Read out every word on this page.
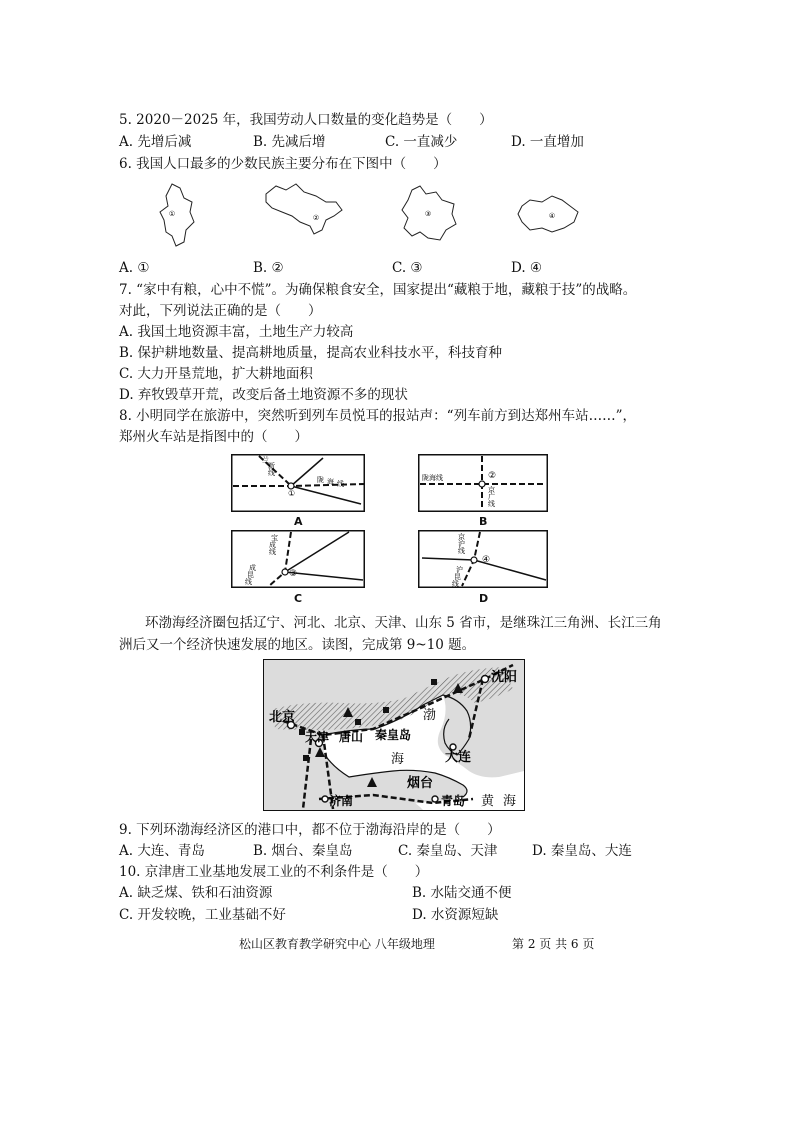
5. 2020－2025 年，我国劳动人口数量的变化趋势是（　　）
A. 先增后减	B. 先减后增	C. 一直减少	D. 一直增加
6. 我国人口最多的少数民族主要分布在下图中（　　）
①	②	③	④
A. ①	B. ②	C. ③	D. ④
7. “家中有粮，心中不慌”。为确保粮食安全，国家提出“藏粮于地，藏粮于技”的战略。
对此，下列说法正确的是（　　）
A. 我国土地资源丰富，土地生产力较高
B. 保护耕地数量、提高耕地质量，提高农业科技水平，科技育种
C. 大力开垦荒地，扩大耕地面积
D. 弃牧毁草开荒，改变后备土地资源不多的现状
8. 小明同学在旅游中，突然听到列车员悦耳的报站声：“列车前方到达郑州车站……”，
郑州火车站是指图中的（　　）
兰
新
线
陇 海 线
①
A
陇海线
京
广
线
②
B
宝
成
线
成
昆
线
③
C
京
沪
线
沪
昆
线
④
D
环渤海经济圈包括辽宁、河北、北京、天津、山东 5 省市，是继珠江三角洲、长江三角
洲后又一个经济快速发展的地区。读图，完成第 9~10 题。
沈阳
北京
天津 唐山 秦皇岛
渤
海	大连
烟台
济南	青岛 黄 海
9. 下列环渤海经济区的港口中，都不位于渤海沿岸的是（　　）
A. 大连、青岛	B. 烟台、秦皇岛	C. 秦皇岛、天津	D. 秦皇岛、大连
10. 京津唐工业基地发展工业的不利条件是（　　）
A. 缺乏煤、铁和石油资源	B. 水陆交通不便
C. 开发较晚，工业基础不好	D. 水资源短缺
松山区教育教学研究中心 八年级地理	第 2 页 共 6 页
